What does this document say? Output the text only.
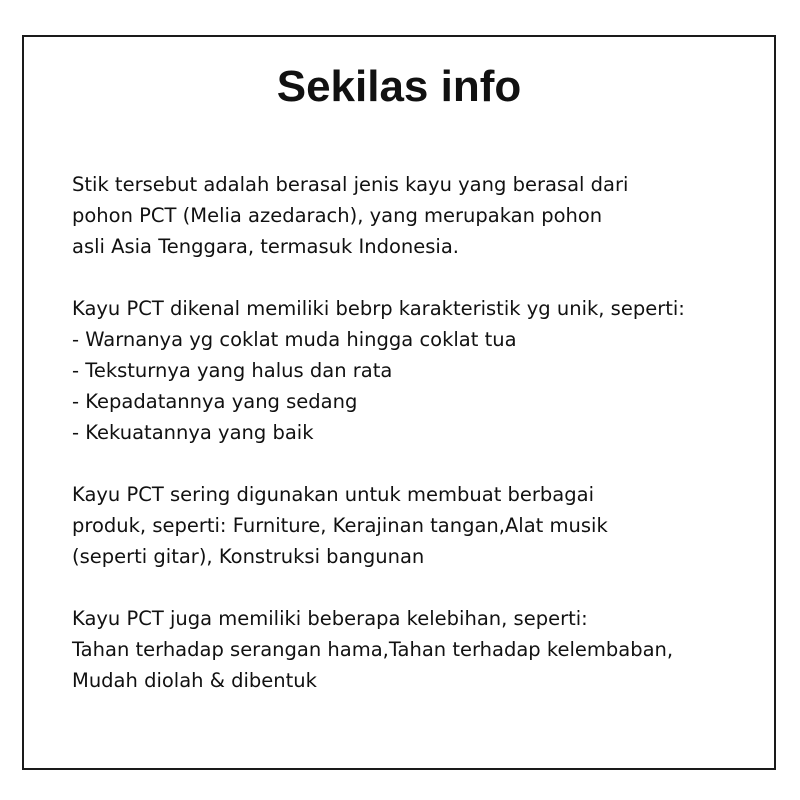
Sekilas info

Stik tersebut adalah berasal jenis kayu yang berasal dari
pohon PCT (Melia azedarach), yang merupakan pohon
asli Asia Tenggara, termasuk Indonesia.

Kayu PCT dikenal memiliki bebrp karakteristik yg unik, seperti:
- Warnanya yg coklat muda hingga coklat tua
- Teksturnya yang halus dan rata
- Kepadatannya yang sedang
- Kekuatannya yang baik

Kayu PCT sering digunakan untuk membuat berbagai
produk, seperti: Furniture, Kerajinan tangan,Alat musik
(seperti gitar), Konstruksi bangunan

Kayu PCT juga memiliki beberapa kelebihan, seperti:
Tahan terhadap serangan hama,Tahan terhadap kelembaban,
Mudah diolah & dibentuk
